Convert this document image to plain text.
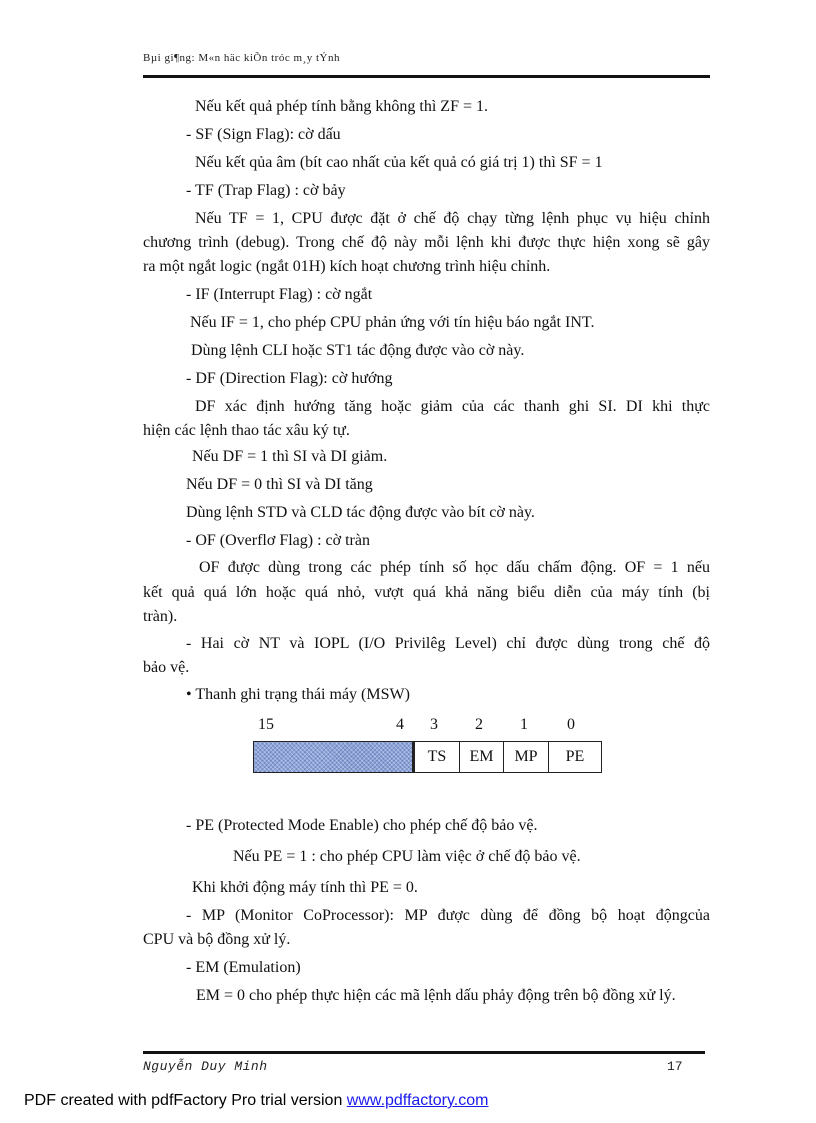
Bµi gi¶ng: M«n häc kiÕn tróc m¸y tÝnh
Nếu kết quả phép tính bằng không thì ZF = 1.
- SF (Sign Flag): cờ dấu
Nếu kết qủa âm (bít cao nhất của kết quả có giá trị 1) thì SF = 1
- TF (Trap Flag) : cờ bảy
Nếu TF = 1, CPU được đặt ở chế độ chạy từng lệnh phục vụ hiệu chỉnh
chương trình (debug). Trong chế độ này mỗi lệnh khi được thực hiện xong sẽ gây
ra một ngắt logic (ngắt 01H) kích hoạt chương trình hiệu chỉnh.
- IF (Interrupt Flag) : cờ ngắt
Nếu IF = 1, cho phép CPU phản ứng với tín hiệu báo ngắt INT.
Dùng lệnh CLI hoặc ST1 tác động được vào cờ này.
- DF (Direction Flag): cờ hướng
DF xác định hướng tăng hoặc giảm của các thanh ghi SI. DI khi thực
hiện các lệnh thao tác xâu ký tự.
Nếu DF = 1 thì SI và DI giảm.
Nếu DF = 0 thì SI và DI tăng
Dùng lệnh STD và CLD tác động được vào bít cờ này.
- OF (Overflơ Flag) : cờ tràn
OF được dùng trong các phép tính số học dấu chấm động. OF = 1 nếu
kết quả quá lớn hoặc quá nhỏ, vượt quá khả năng biểu diễn của máy tính (bị
tràn).
- Hai cờ NT và IOPL (I/O Privilêg Level) chỉ được dùng trong chế độ
bảo vệ.
• Thanh ghi trạng thái máy (MSW)
15	4 3 2 1 0
	TS	EM	MP	PE
- PE (Protected Mode Enable) cho phép chế độ bảo vệ.
Nếu PE = 1 : cho phép CPU làm việc ở chế độ bảo vệ.
Khi khởi động máy tính thì PE = 0.
- MP (Monitor CoProcessor): MP được dùng để đồng bộ hoạt độngcủa
CPU và bộ đồng xử lý.
- EM (Emulation)
EM = 0 cho phép thực hiện các mã lệnh dấu phảy động trên bộ đồng xử lý.
Nguyễn Duy Minh	17
PDF created with pdfFactory Pro trial version www.pdffactory.com
